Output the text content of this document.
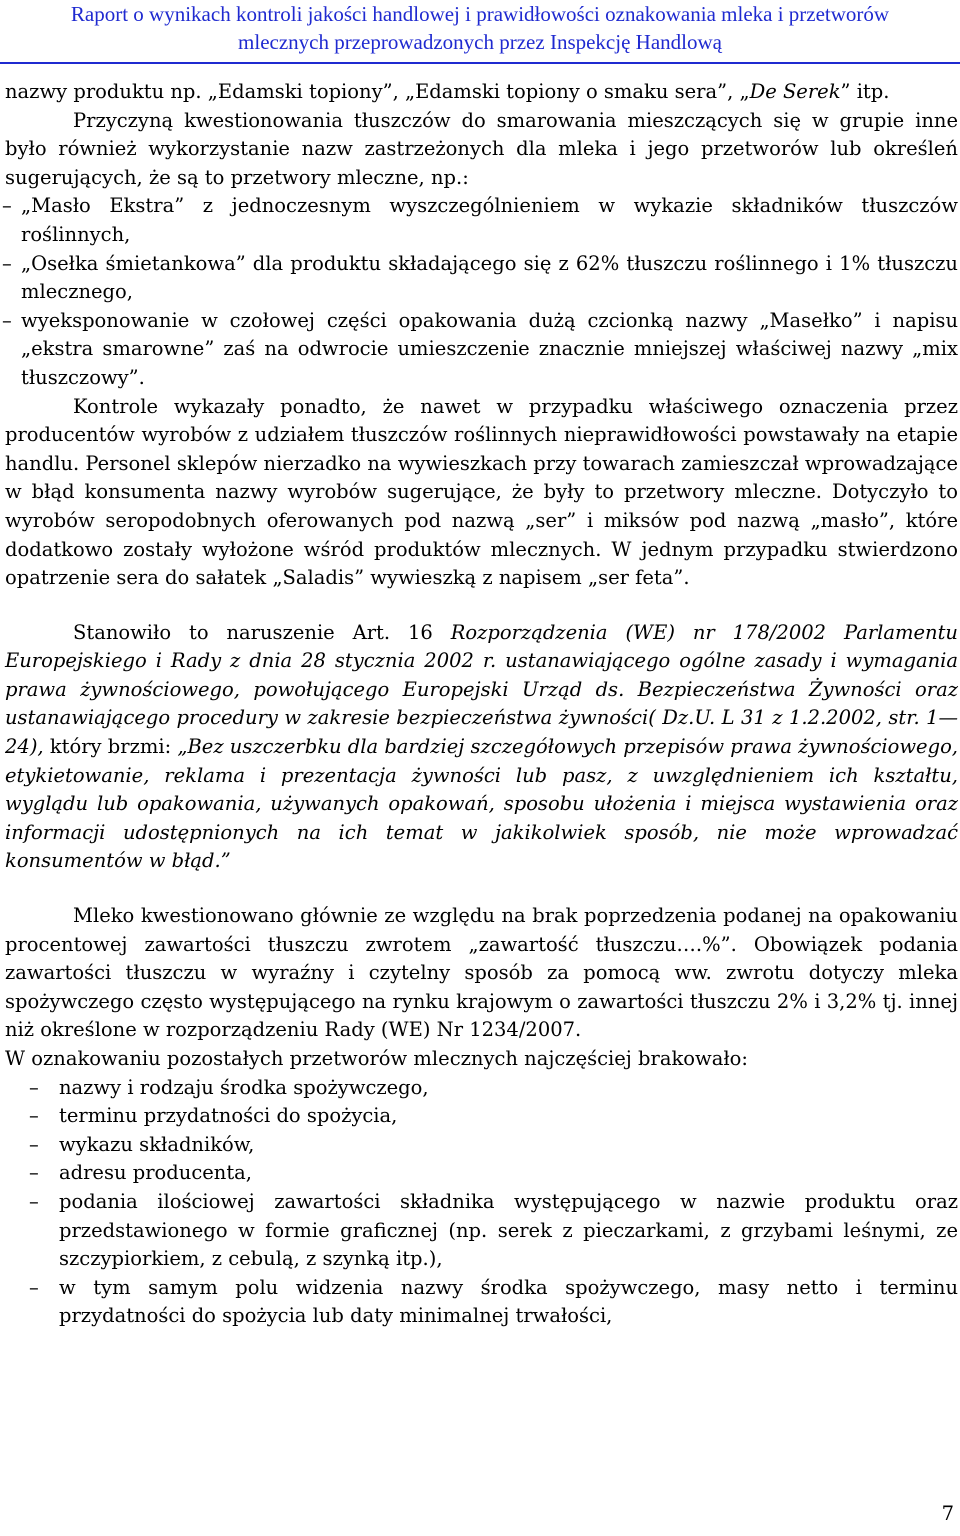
Raport o wynikach kontroli jakości handlowej i prawidłowości oznakowania mleka i przetworów
mlecznych przeprowadzonych przez Inspekcję Handlową

nazwy produktu np. „Edamski topiony”, „Edamski topiony o smaku sera”, „De Serek” itp.

Przyczyną kwestionowania tłuszczów do smarowania mieszczących się w grupie inne było również wykorzystanie nazw zastrzeżonych dla mleka i jego przetworów lub określeń sugerujących, że są to przetwory mleczne, np.:

– „Masło Ekstra” z jednoczesnym wyszczególnieniem w wykazie składników tłuszczów roślinnych,
– „Osełka śmietankowa” dla produktu składającego się z 62% tłuszczu roślinnego i 1% tłuszczu mlecznego,
– wyeksponowanie w czołowej części opakowania dużą czcionką nazwy „Masełko” i napisu „ekstra smarowne” zaś na odwrocie umieszczenie znacznie mniejszej właściwej nazwy „mix tłuszczowy”.

Kontrole wykazały ponadto, że nawet w przypadku właściwego oznaczenia przez producentów wyrobów z udziałem tłuszczów roślinnych nieprawidłowości powstawały na etapie handlu. Personel sklepów nierzadko na wywieszkach przy towarach zamieszczał wprowadzające w błąd konsumenta nazwy wyrobów sugerujące, że były to przetwory mleczne. Dotyczyło to wyrobów seropodobnych oferowanych pod nazwą „ser” i miksów pod nazwą „masło”, które dodatkowo zostały wyłożone wśród produktów mlecznych. W jednym przypadku stwierdzono opatrzenie sera do sałatek „Saladis” wywieszką z napisem „ser feta”.

Stanowiło to naruszenie Art. 16 Rozporządzenia (WE) nr 178/2002 Parlamentu Europejskiego i Rady z dnia 28 stycznia 2002 r. ustanawiającego ogólne zasady i wymagania prawa żywnościowego, powołującego Europejski Urząd ds. Bezpieczeństwa Żywności oraz ustanawiającego procedury w zakresie bezpieczeństwa żywności( Dz.U. L 31 z 1.2.2002, str. 1—24), który brzmi: „Bez uszczerbku dla bardziej szczegółowych przepisów prawa żywnościowego, etykietowanie, reklama i prezentacja żywności lub pasz, z uwzględnieniem ich kształtu, wyglądu lub opakowania, używanych opakowań, sposobu ułożenia i miejsca wystawienia oraz informacji udostępnionych na ich temat w jakikolwiek sposób, nie może wprowadzać konsumentów w błąd.”

Mleko kwestionowano głównie ze względu na brak poprzedzenia podanej na opakowaniu procentowej zawartości tłuszczu zwrotem „zawartość tłuszczu….%”. Obowiązek podania zawartości tłuszczu w wyraźny i czytelny sposób za pomocą ww. zwrotu dotyczy mleka spożywczego często występującego na rynku krajowym o zawartości tłuszczu 2% i 3,2% tj. innej niż określone w rozporządzeniu Rady (WE) Nr 1234/2007.

W oznakowaniu pozostałych przetworów mlecznych najczęściej brakowało:

– nazwy i rodzaju środka spożywczego,
– terminu przydatności do spożycia,
– wykazu składników,
– adresu producenta,
– podania ilościowej zawartości składnika występującego w nazwie produktu oraz przedstawionego w formie graficznej (np. serek z pieczarkami, z grzybami leśnymi, ze szczypiorkiem, z cebulą, z szynką itp.),
– w tym samym polu widzenia nazwy środka spożywczego, masy netto i terminu przydatności do spożycia lub daty minimalnej trwałości,
7
